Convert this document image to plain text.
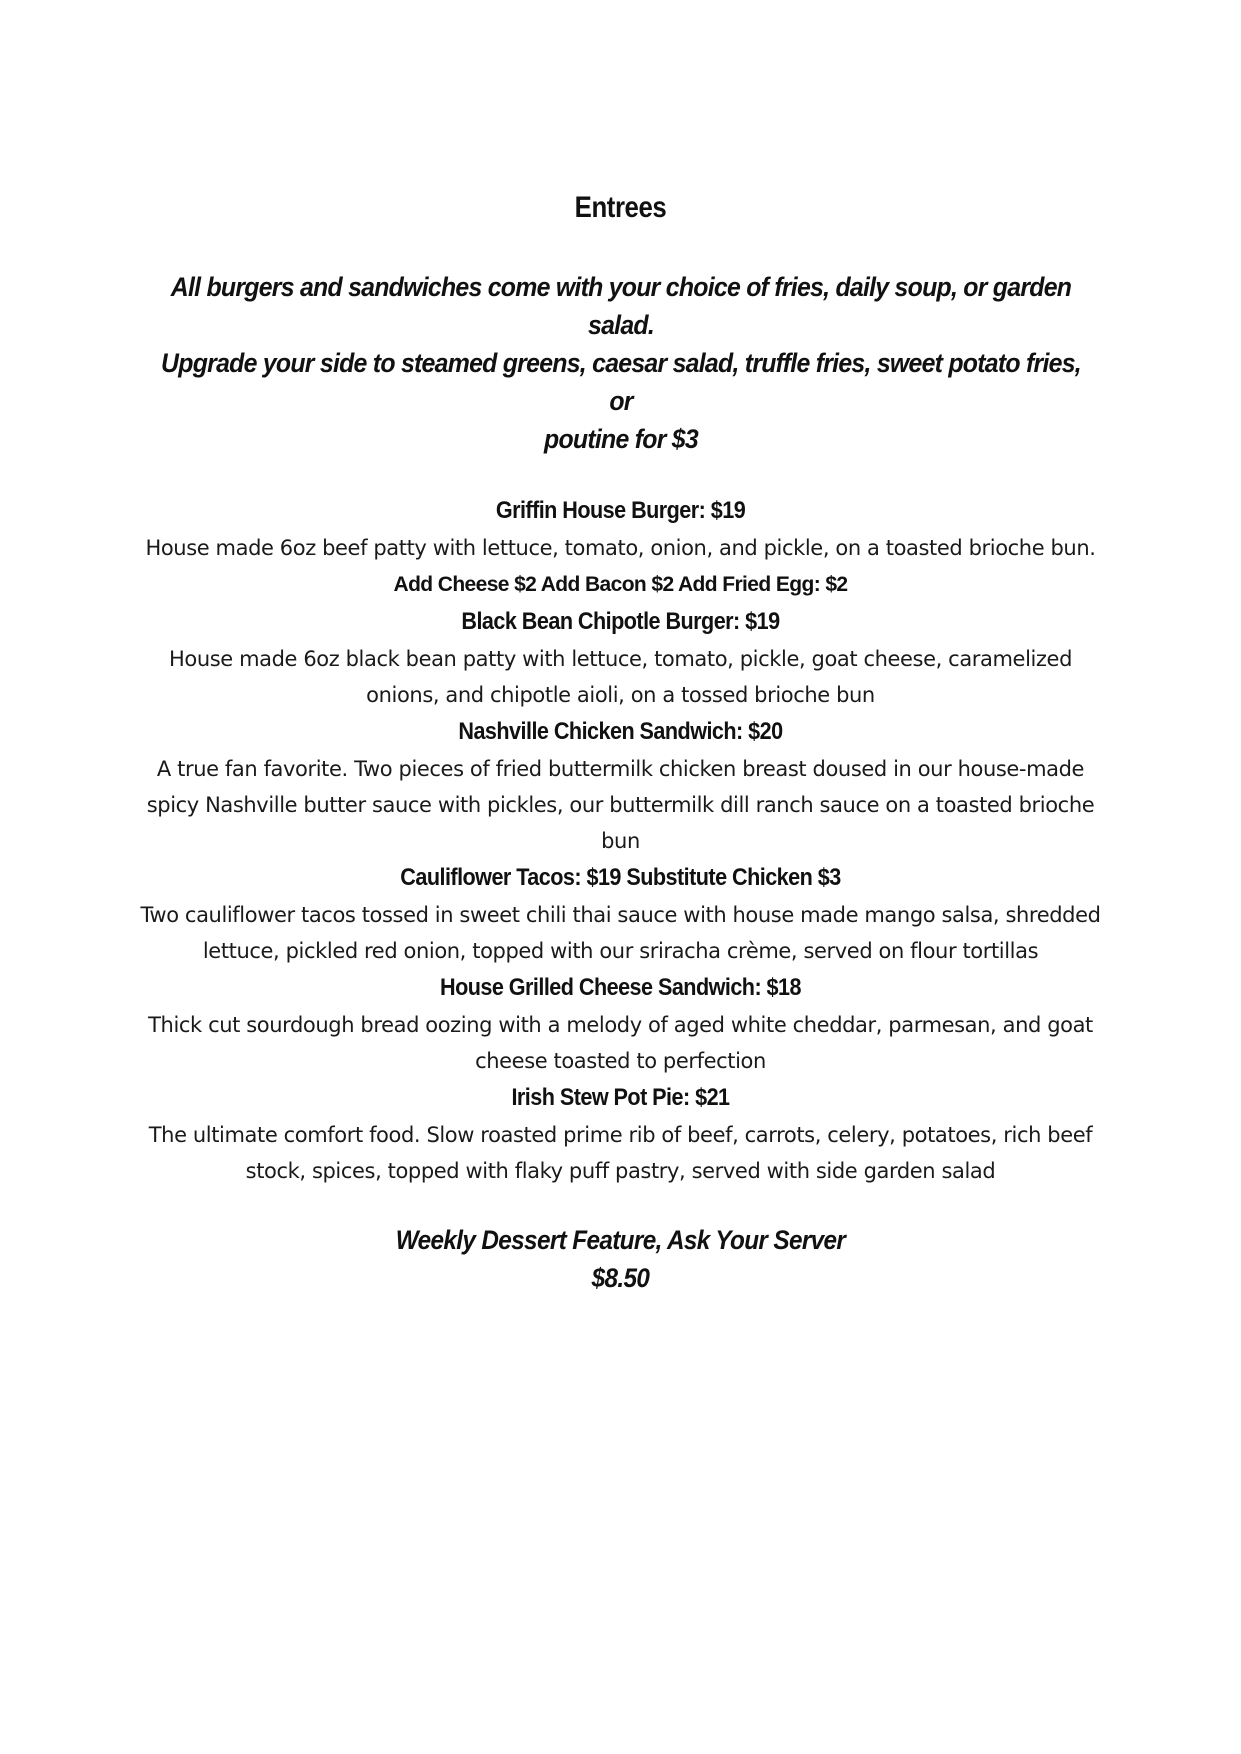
Entrees
All burgers and sandwiches come with your choice of fries, daily soup, or garden salad.
Upgrade your side to steamed greens, caesar salad, truffle fries, sweet potato fries, or
poutine for $3
Griffin House Burger: $19
House made 6oz beef patty with lettuce, tomato, onion, and pickle, on a toasted brioche bun. Add Cheese $2 Add Bacon $2 Add Fried Egg: $2
Black Bean Chipotle Burger: $19
House made 6oz black bean patty with lettuce, tomato, pickle, goat cheese, caramelized onions, and chipotle aioli, on a tossed brioche bun
Nashville Chicken Sandwich: $20
A true fan favorite. Two pieces of fried buttermilk chicken breast doused in our house-made spicy Nashville butter sauce with pickles, our buttermilk dill ranch sauce on a toasted brioche bun
Cauliflower Tacos: $19 Substitute Chicken $3
Two cauliflower tacos tossed in sweet chili thai sauce with house made mango salsa, shredded lettuce, pickled red onion, topped with our sriracha crème, served on flour tortillas
House Grilled Cheese Sandwich: $18
Thick cut sourdough bread oozing with a melody of aged white cheddar, parmesan, and goat cheese toasted to perfection
Irish Stew Pot Pie: $21
The ultimate comfort food. Slow roasted prime rib of beef, carrots, celery, potatoes, rich beef stock, spices, topped with flaky puff pastry, served with side garden salad
Weekly Dessert Feature, Ask Your Server
$8.50
